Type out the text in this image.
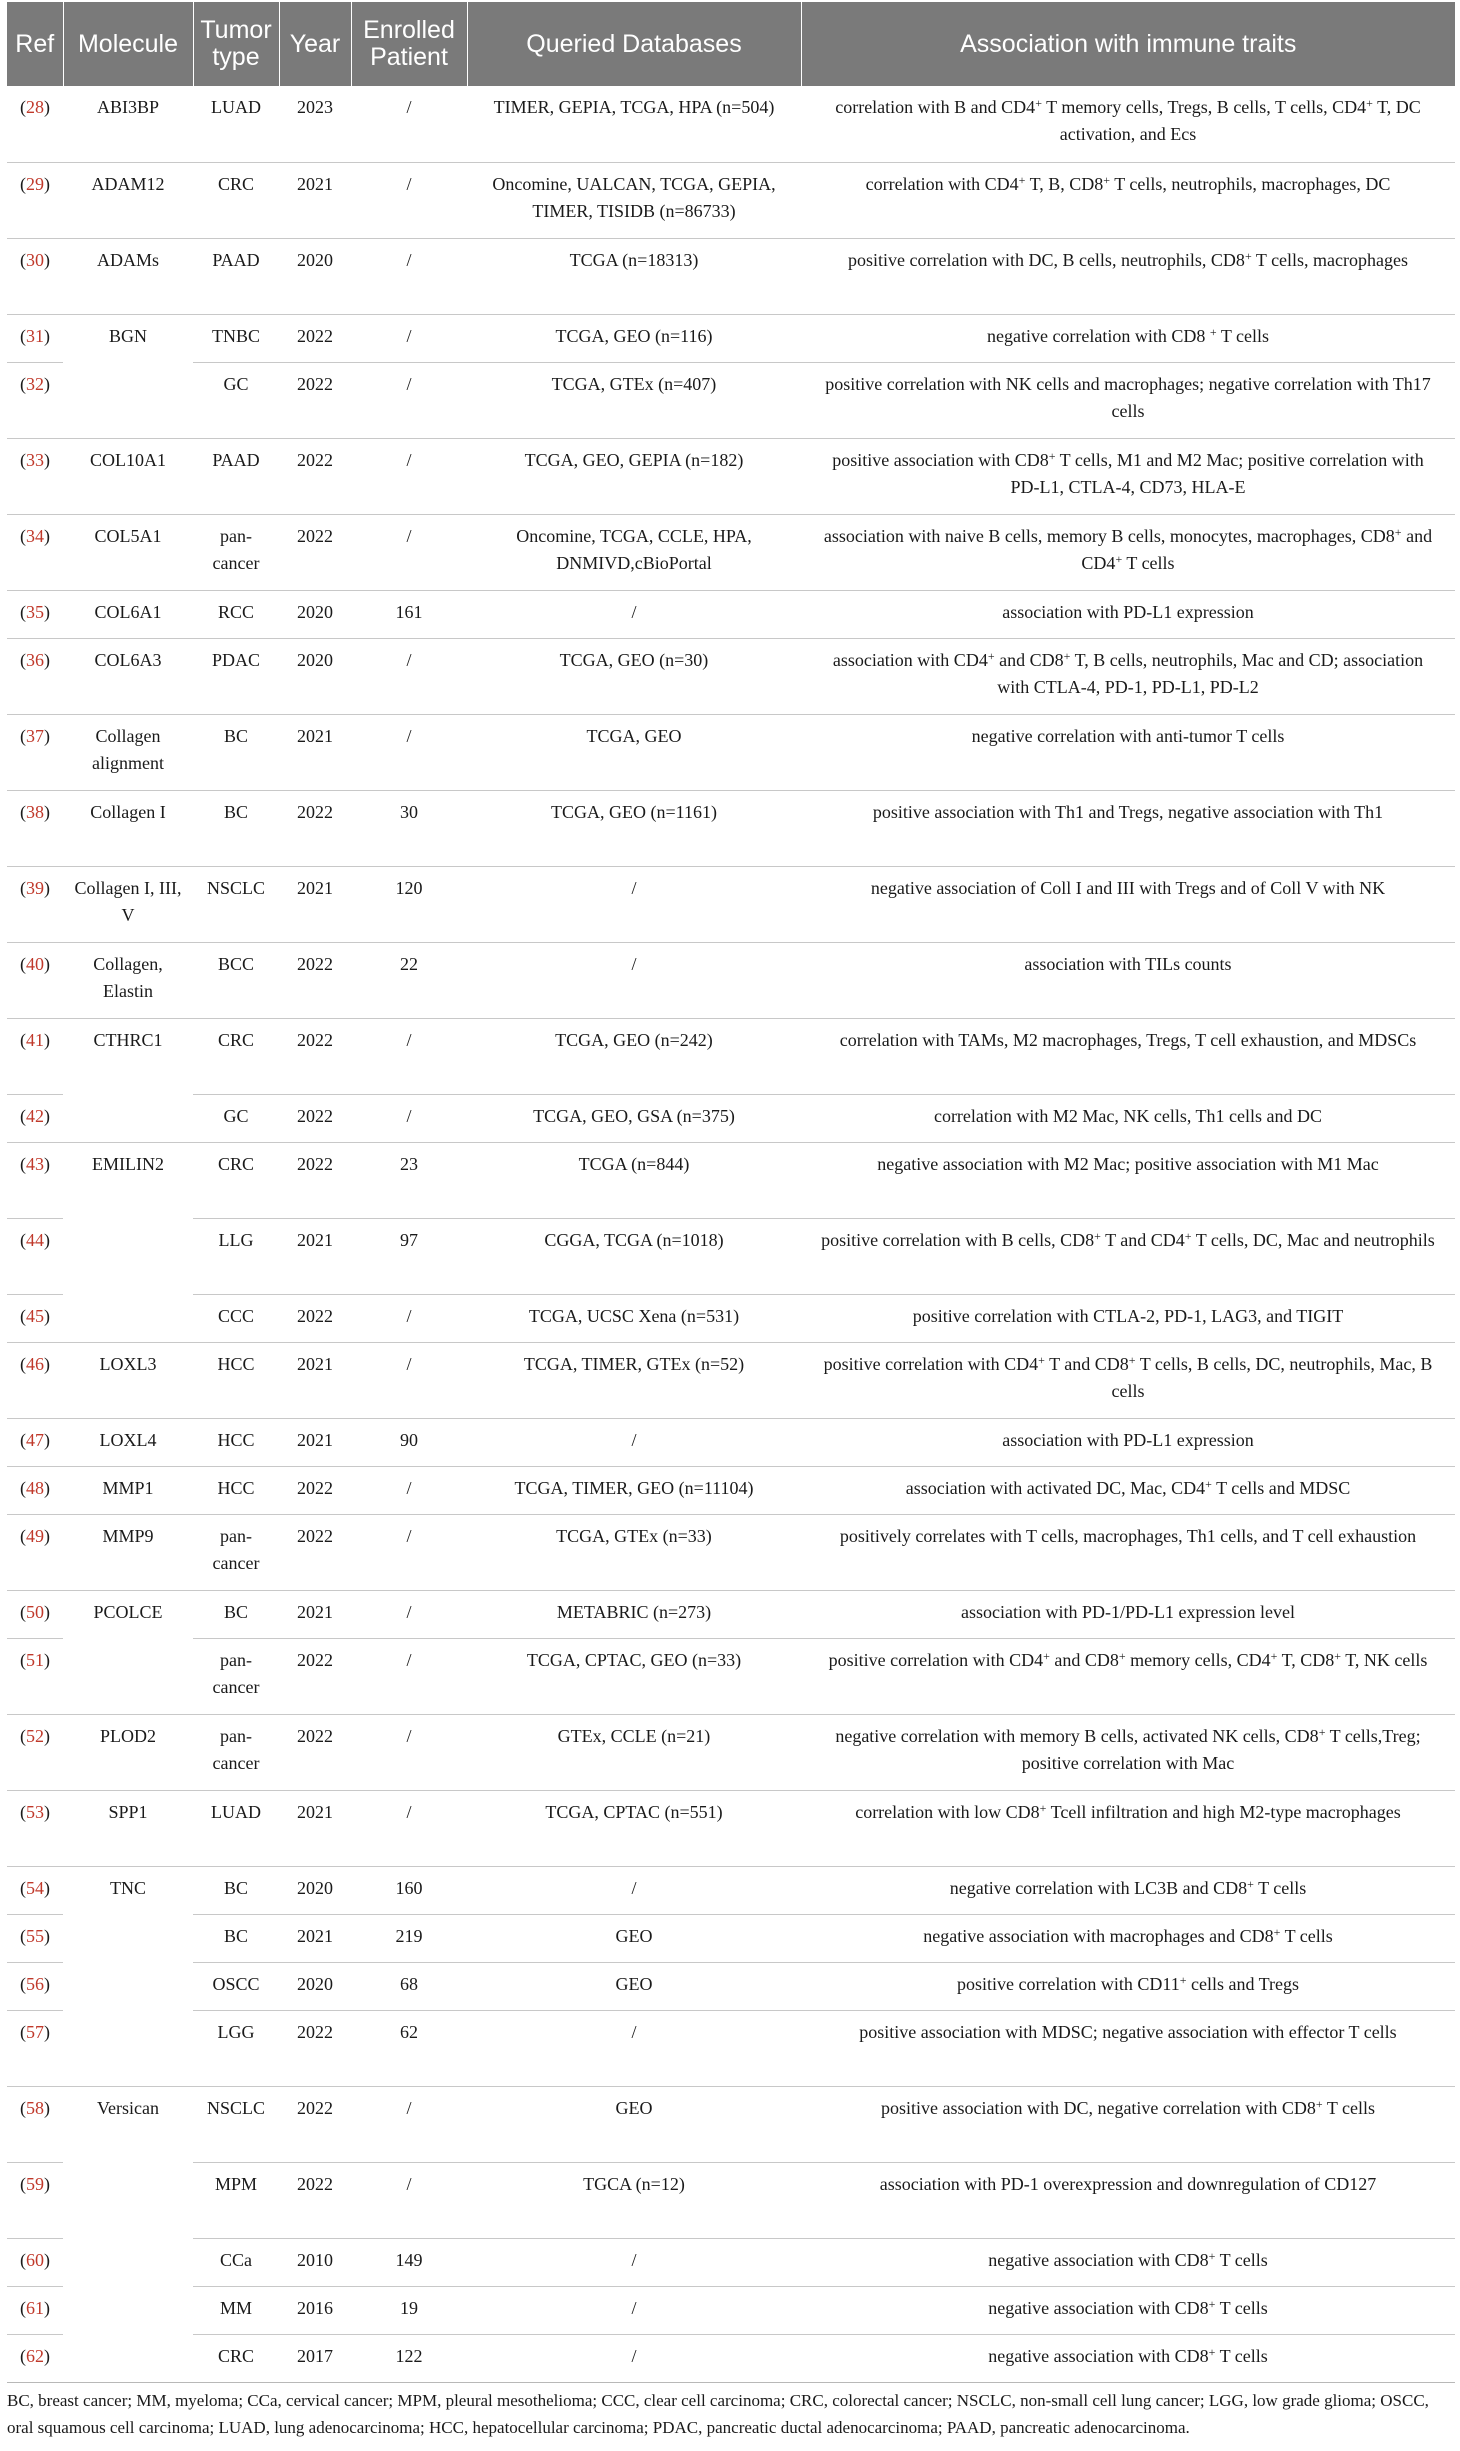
Ref	Molecule	Tumor type	Year	Enrolled Patient	Queried Databases	Association with immune traits
(28)	ABI3BP	LUAD	2023	/	TIMER, GEPIA, TCGA, HPA (n=504)	correlation with B and CD4+ T memory cells, Tregs, B cells, T cells, CD4+ T, DC activation, and Ecs
(29)	ADAM12	CRC	2021	/	Oncomine, UALCAN, TCGA, GEPIA, TIMER, TISIDB (n=86733)	correlation with CD4+ T, B, CD8+ T cells, neutrophils, macrophages, DC
(30)	ADAMs	PAAD	2020	/	TCGA (n=18313)	positive correlation with DC, B cells, neutrophils, CD8+ T cells, macrophages
(31)	BGN	TNBC	2022	/	TCGA, GEO (n=116)	negative correlation with CD8 + T cells
(32)		GC	2022	/	TCGA, GTEx (n=407)	positive correlation with NK cells and macrophages; negative correlation with Th17 cells
(33)	COL10A1	PAAD	2022	/	TCGA, GEO, GEPIA (n=182)	positive association with CD8+ T cells, M1 and M2 Mac; positive correlation with PD-L1, CTLA-4, CD73, HLA-E
(34)	COL5A1	pan-cancer	2022	/	Oncomine, TCGA, CCLE, HPA, DNMIVD,cBioPortal	association with naive B cells, memory B cells, monocytes, macrophages, CD8+ and CD4+ T cells
(35)	COL6A1	RCC	2020	161	/	association with PD-L1 expression
(36)	COL6A3	PDAC	2020	/	TCGA, GEO (n=30)	association with CD4+ and CD8+ T, B cells, neutrophils, Mac and CD; association with CTLA-4, PD-1, PD-L1, PD-L2
(37)	Collagen alignment	BC	2021	/	TCGA, GEO	negative correlation with anti-tumor T cells
(38)	Collagen I	BC	2022	30	TCGA, GEO (n=1161)	positive association with Th1 and Tregs, negative association with Th1
(39)	Collagen I, III, V	NSCLC	2021	120	/	negative association of Coll I and III with Tregs and of Coll V with NK
(40)	Collagen, Elastin	BCC	2022	22	/	association with TILs counts
(41)	CTHRC1	CRC	2022	/	TCGA, GEO (n=242)	correlation with TAMs, M2 macrophages, Tregs, T cell exhaustion, and MDSCs
(42)		GC	2022	/	TCGA, GEO, GSA (n=375)	correlation with M2 Mac, NK cells, Th1 cells and DC
(43)	EMILIN2	CRC	2022	23	TCGA (n=844)	negative association with M2 Mac; positive association with M1 Mac
(44)		LLG	2021	97	CGGA, TCGA (n=1018)	positive correlation with B cells, CD8+ T and CD4+ T cells, DC, Mac and neutrophils
(45)		CCC	2022	/	TCGA, UCSC Xena (n=531)	positive correlation with CTLA-2, PD-1, LAG3, and TIGIT
(46)	LOXL3	HCC	2021	/	TCGA, TIMER, GTEx (n=52)	positive correlation with CD4+ T and CD8+ T cells, B cells, DC, neutrophils, Mac, B cells
(47)	LOXL4	HCC	2021	90	/	association with PD-L1 expression
(48)	MMP1	HCC	2022	/	TCGA, TIMER, GEO (n=11104)	association with activated DC, Mac, CD4+ T cells and MDSC
(49)	MMP9	pan-cancer	2022	/	TCGA, GTEx (n=33)	positively correlates with T cells, macrophages, Th1 cells, and T cell exhaustion
(50)	PCOLCE	BC	2021	/	METABRIC (n=273)	association with PD-1/PD-L1 expression level
(51)		pan-cancer	2022	/	TCGA, CPTAC, GEO (n=33)	positive correlation with CD4+ and CD8+ memory cells, CD4+ T, CD8+ T, NK cells
(52)	PLOD2	pan-cancer	2022	/	GTEx, CCLE (n=21)	negative correlation with memory B cells, activated NK cells, CD8+ T cells,Treg; positive correlation with Mac
(53)	SPP1	LUAD	2021	/	TCGA, CPTAC (n=551)	correlation with low CD8+ Tcell infiltration and high M2-type macrophages
(54)	TNC	BC	2020	160	/	negative correlation with LC3B and CD8+ T cells
(55)		BC	2021	219	GEO	negative association with macrophages and CD8+ T cells
(56)		OSCC	2020	68	GEO	positive correlation with CD11+ cells and Tregs
(57)		LGG	2022	62	/	positive association with MDSC; negative association with effector T cells
(58)	Versican	NSCLC	2022	/	GEO	positive association with DC, negative correlation with CD8+ T cells
(59)		MPM	2022	/	TGCA (n=12)	association with PD-1 overexpression and downregulation of CD127
(60)		CCa	2010	149	/	negative association with CD8+ T cells
(61)		MM	2016	19	/	negative association with CD8+ T cells
(62)		CRC	2017	122	/	negative association with CD8+ T cells
BC, breast cancer; MM, myeloma; CCa, cervical cancer; MPM, pleural mesothelioma; CCC, clear cell carcinoma; CRC, colorectal cancer; NSCLC, non-small cell lung cancer; LGG, low grade glioma; OSCC, oral squamous cell carcinoma; LUAD, lung adenocarcinoma; HCC, hepatocellular carcinoma; PDAC, pancreatic ductal adenocarcinoma; PAAD, pancreatic adenocarcinoma.
